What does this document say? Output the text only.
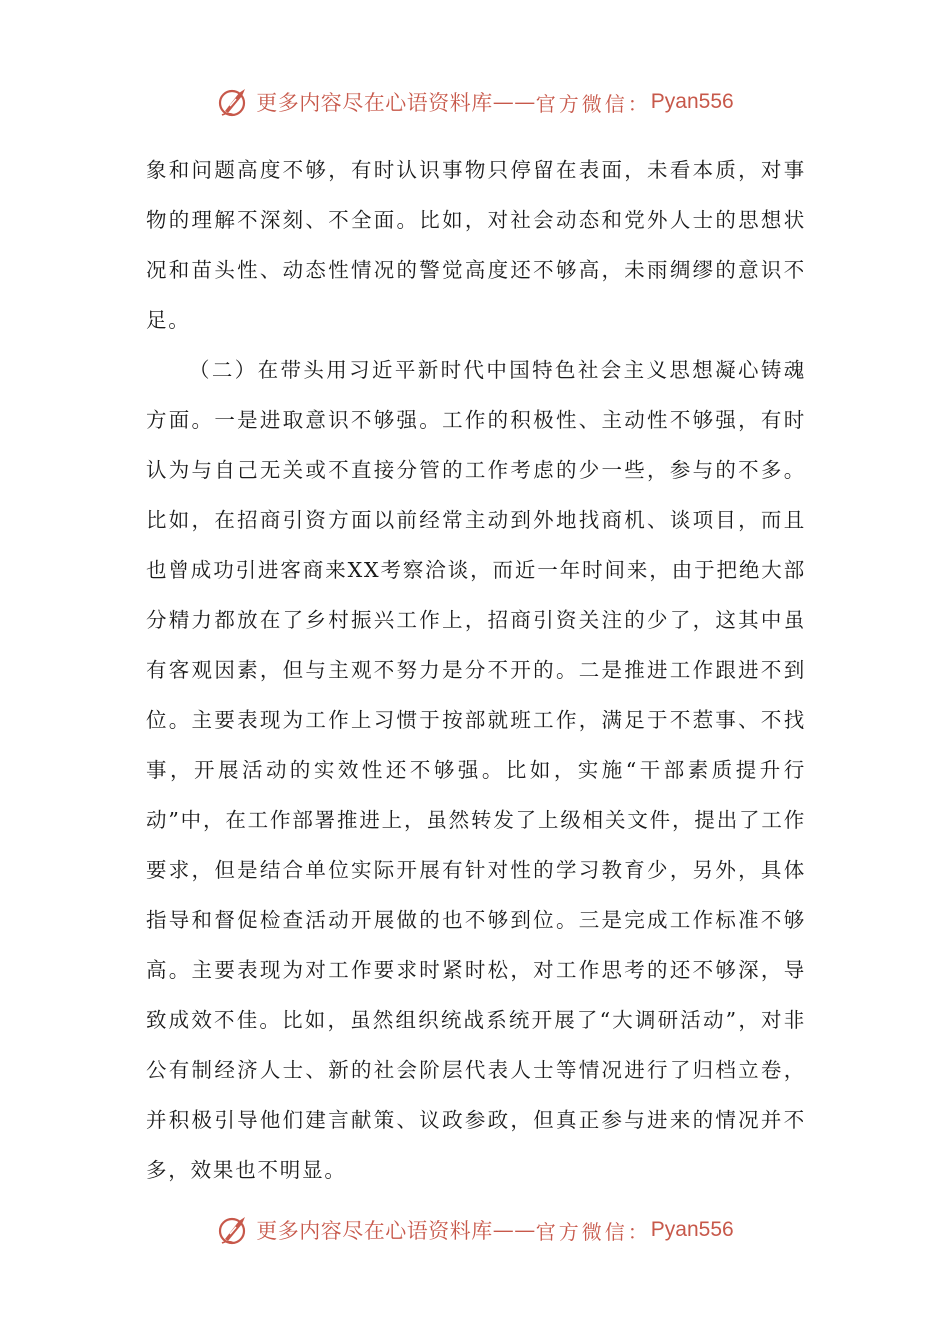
更多内容尽在心语资料库 —— 官方微信： Pyan556

象和问题高度不够，有时认识事物只停留在表面，未看本质，对事物的理解不深刻、不全面。比如，对社会动态和党外人士的思想状况和苗头性、动态性情况的警觉高度还不够高，未雨绸缪的意识不足。

（二）在带头用习近平新时代中国特色社会主义思想凝心铸魂方面。一是进取意识不够强。工作的积极性、主动性不够强，有时认为与自己无关或不直接分管的工作考虑的少一些，参与的不多。比如，在招商引资方面以前经常主动到外地找商机、谈项目，而且也曾成功引进客商来XX考察洽谈，而近一年时间来，由于把绝大部分精力都放在了乡村振兴工作上，招商引资关注的少了，这其中虽有客观因素，但与主观不努力是分不开的。二是推进工作跟进不到位。主要表现为工作上习惯于按部就班工作，满足于不惹事、不找事，开展活动的实效性还不够强。比如，实施“干部素质提升行动”中，在工作部署推进上，虽然转发了上级相关文件，提出了工作要求，但是结合单位实际开展有针对性的学习教育少，另外，具体指导和督促检查活动开展做的也不够到位。三是完成工作标准不够高。主要表现为对工作要求时紧时松，对工作思考的还不够深，导致成效不佳。比如，虽然组织统战系统开展了“大调研活动”，对非公有制经济人士、新的社会阶层代表人士等情况进行了归档立卷，并积极引导他们建言献策、议政参政，但真正参与进来的情况并不多，效果也不明显。

更多内容尽在心语资料库 —— 官方微信： Pyan556
